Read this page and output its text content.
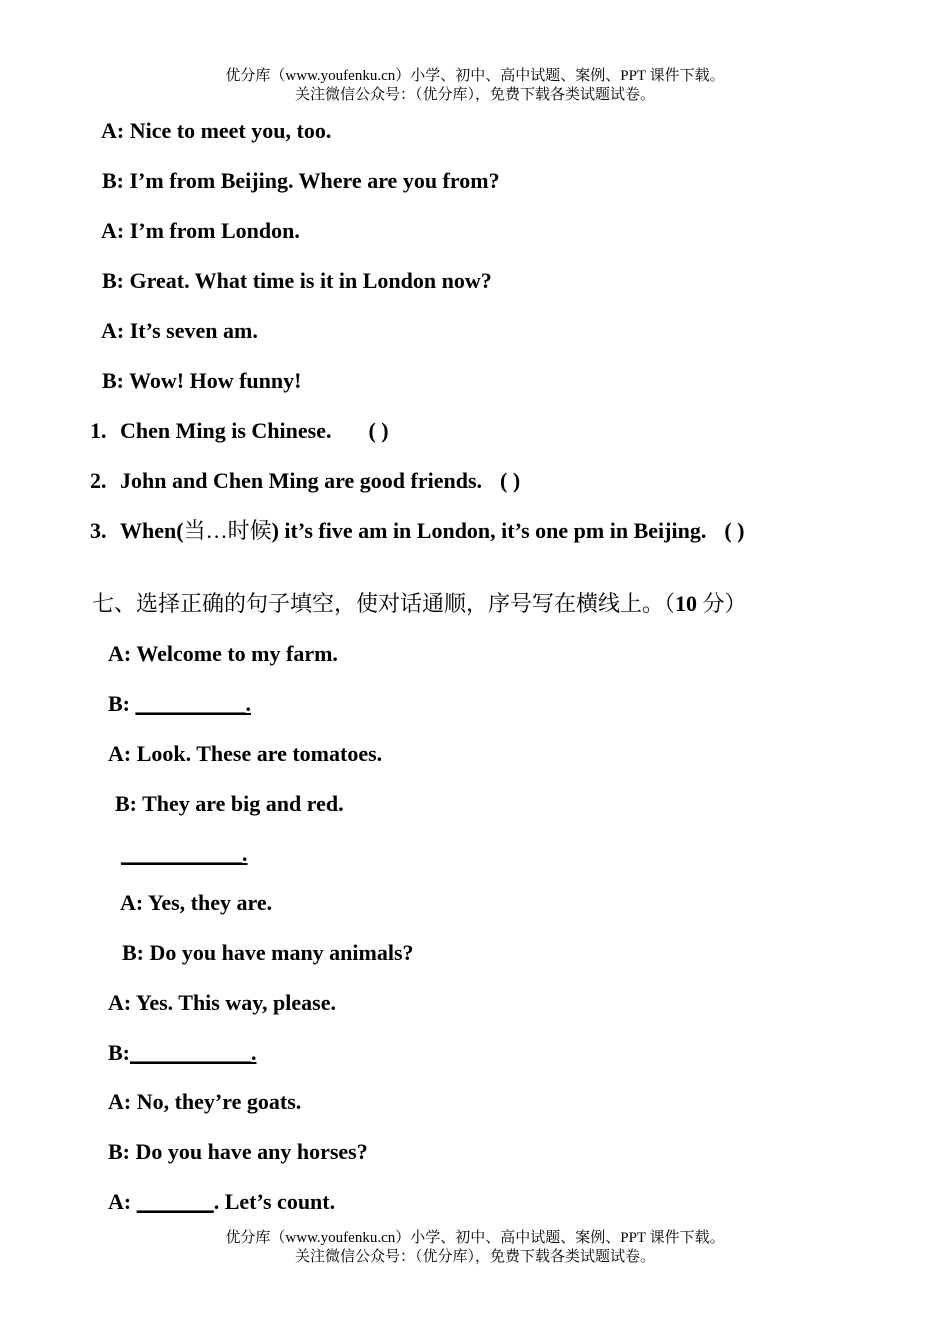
优分库（www.youfenku.cn）小学、初中、高中试题、案例、PPT 课件下载。
关注微信公众号：（优分库），免费下载各类试题试卷。
A: Nice to meet you, too.
B: I’m from Beijing. Where are you from?
A: I’m from London.
B: Great. What time is it in London now?
A: It’s seven am.
B: Wow! How funny!
1. Chen Ming is Chinese. ( )
2. John and Chen Ming are good friends. ( )
3. When(当…时候) it’s five am in London, it’s one pm in Beijing. ( )
七、选择正确的句子填空，使对话通顺，序号写在横线上。（10 分）
A: Welcome to my farm.
B: __________.
A: Look. These are tomatoes.
B: They are big and red.
___________.
A: Yes, they are.
B: Do you have many animals?
A: Yes. This way, please.
B:___________.
A: No, they’re goats.
B: Do you have any horses?
A: _______. Let’s count.
优分库（www.youfenku.cn）小学、初中、高中试题、案例、PPT 课件下载。
关注微信公众号：（优分库），免费下载各类试题试卷。
